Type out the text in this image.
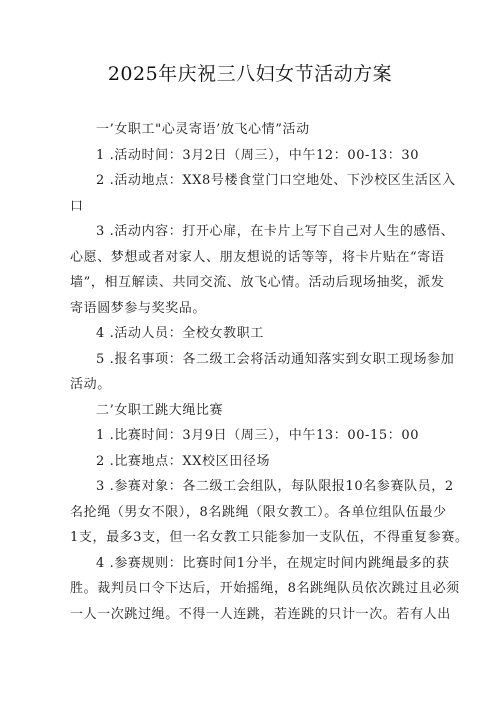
2025年庆祝三八妇女节活动方案
一’女职工"心灵寄语’放飞心情”活动
1 .活动时间：3月2日（周三），中午12：00-13：30
2 .活动地点：XX8号楼食堂门口空地处、下沙校区生活区入
口
3 .活动内容：打开心扉，在卡片上写下自己对人生的感悟、
心愿、梦想或者对家人、朋友想说的话等等，将卡片贴在“寄语
墙”，相互解读、共同交流、放飞心情。活动后现场抽奖，派发
寄语圆梦参与奖奖品。
4 .活动人员：全校女教职工
5 .报名事项：各二级工会将活动通知落实到女职工现场参加
活动。
二’女职工跳大绳比赛
1 .比赛时间：3月9日（周三），中午13：00-15：00
2 .比赛地点：XX校区田径场
3 .参赛对象：各二级工会组队，每队限报10名参赛队员，2
名抡绳（男女不限），8名跳绳（限女教工）。各单位组队伍最少
1支，最多3支，但一名女教工只能参加一支队伍，不得重复参赛。
4 .参赛规则：比赛时间1分半，在规定时间内跳绳最多的获
胜。裁判员口令下达后，开始摇绳，8名跳绳队员依次跳过且必须
一人一次跳过绳。不得一人连跳，若连跳的只计一次。若有人出
